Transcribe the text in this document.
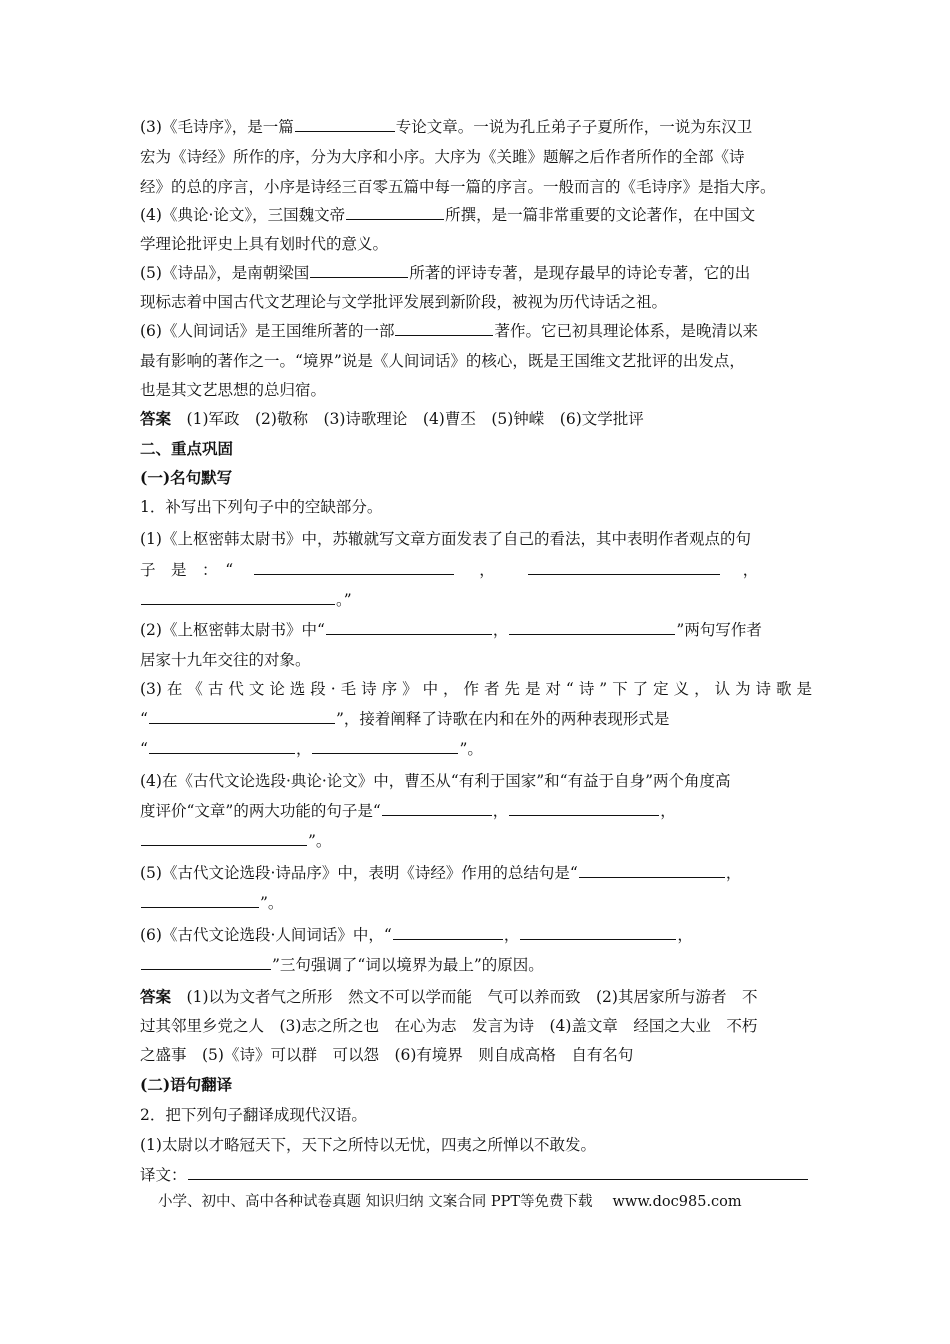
(3)《毛诗序》，是一篇	专论文章。一说为孔丘弟子子夏所作，一说为东汉卫
宏为《诗经》所作的序，分为大序和小序。大序为《关雎》题解之后作者所作的全部《诗
经》的总的序言，小序是诗经三百零五篇中每一篇的序言。一般而言的《毛诗序》是指大序。
(4)《典论·论文》，三国魏文帝	所撰，是一篇非常重要的文论著作，在中国文
学理论批评史上具有划时代的意义。
(5)《诗品》，是南朝梁国	所著的评诗专著，是现存最早的诗论专著，它的出
现标志着中国古代文艺理论与文学批评发展到新阶段，被视为历代诗话之祖。
(6)《人间词话》是王国维所著的一部	著作。它已初具理论体系，是晚清以来
最有影响的著作之一。“境界”说是《人间词话》的核心，既是王国维文艺批评的出发点，
也是其文艺思想的总归宿。
答案　 (1)军政　(2)敬称　(3)诗歌理论　(4)曹丕　(5)钟嵘　(6)文学批评
二、重点巩固
(一)名句默写
1．补写出下列句子中的空缺部分。
(1)《上枢密韩太尉书》中，苏辙就写文章方面发表了自己的看法，其中表明作者观点的句
子　是　：　“	，	，
。”
(2)《上枢密韩太尉书》中“	，	”两句写作者
居家十九年交往的对象。
(3)在《古代文论选段·毛诗序》中，作者先是对“诗”下了定义，认为诗歌是
“	”，接着阐释了诗歌在内和在外的两种表现形式是
“	，	”。
(4)在《古代文论选段·典论·论文》中，曹丕从“有利于国家”和“有益于自身”两个角度高
度评价“文章”的两大功能的句子是“	，	，
”。
(5)《古代文论选段·诗品序》中，表明《诗经》作用的总结句是“	，
”。
(6)《古代文论选段·人间词话》中，“	，	，
”三句强调了“词以境界为最上”的原因。
答案　 (1)以为文者气之所形　然文不可以学而能　气可以养而致　(2)其居家所与游者　不
过其邻里乡党之人　(3)志之所之也　在心为志　发言为诗　(4)盖文章　经国之大业　不朽
之盛事　(5)《诗》可以群　可以怨　(6)有境界　则自成高格　自有名句
(二)语句翻译
2．把下列句子翻译成现代汉语。
(1)太尉以才略冠天下，天下之所恃以无忧，四夷之所惮以不敢发。
译文：
小学、初中、高中各种试卷真题 知识归纳 文案合同 PPT等免费下载 www.doc985.com
